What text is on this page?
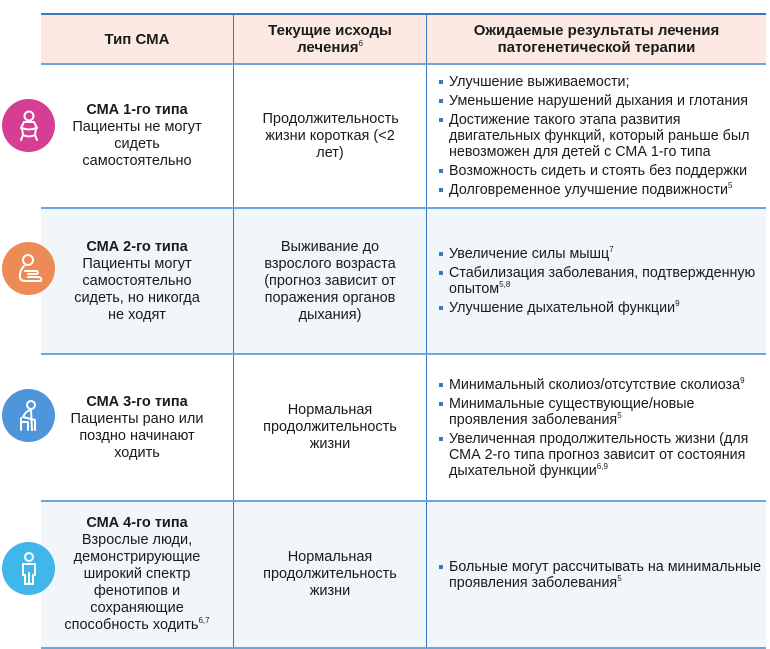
Тип СМА	Текущие исходы лечения$^6$
Ожидаемые результаты лечения патогенетической терапии
СМА 1-го типа
Пациенты не могут сидеть самостоятельно
Продолжительность жизни короткая (<2 лет)
Улучшение выживаемости;
Уменьшение нарушений дыхания и глотания
Достижение такого этапа развития двигательных функций, который раньше был невозможен для детей с СМА 1-го типа
Возможность сидеть и стоять без поддержки
Долговременное улучшение подвижности$^5$
СМА 2-го типа
Пациенты могут самостоятельно сидеть, но никогда не ходят
Выживание до взрослого возраста (прогноз зависит от поражения органов дыхания)
Увеличение силы мышц$^7$
Стабилизация заболевания, подтвержденную опытом$^{5,8}$
Улучшение дыхательной функции$^9$
СМА 3-го типа
Пациенты рано или поздно начинают ходить
Нормальная продолжительность жизни
Минимальный сколиоз/отсутствие сколиоза$^9$
Минимальные существующие/новые проявления заболевания$^5$
Увеличенная продолжительность жизни (для СМА 2-го типа прогноз зависит от состояния дыхательной функции$^{6,9}$
СМА 4-го типа
Взрослые люди, демонстрирующие широкий спектр фенотипов и сохраняющие способность ходить$^{6,7}$
Нормальная продолжительность жизни
Больные могут рассчитывать на минимальные проявления заболевания$^5$
